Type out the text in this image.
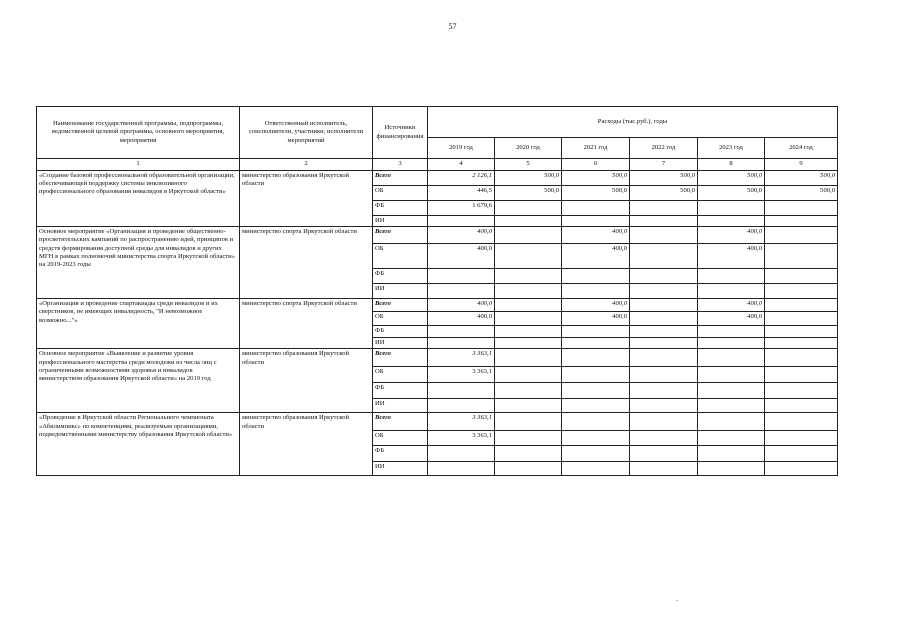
57
Наименование государственной программы, подпрограммы, ведомственной целевой программы, основного мероприятия, мероприятия	Ответственный исполнитель, соисполнители, участники, исполнители мероприятий	Источники финансирования	Расходы (тыс.руб.), годы					
			2019 год	2020 год	2021 год	2022 год	2023 год	2024 год
1	2	3	4	5	6	7	8	9
«Создание базовой профессиональной образовательной организации, обеспечивающей поддержку системы инклюзивного профессионального образования инвалидов в Иркутской области»	министерство образования Иркутской области	Всего	2 126,1	500,0	500,0	500,0	500,0	500,0
		ОБ	446,5	500,0	500,0	500,0	500,0	500,0
		ФБ	1 679,6					
		ИИ						
Основное мероприятие «Организация и проведение общественно-просветительских кампаний по распространению идей, принципов и средств формирования доступной среды для инвалидов и других МГН в рамках полномочий министерства спорта Иркутской области» на 2019-2023 годы	министерство спорта Иркутской области	Всего	400,0		400,0		400,0	
		ОБ	400,0		400,0		400,0	
		ФБ						
		ИИ						
«Организация и проведение спартакиады среди инвалидов и их сверстников, не имеющих инвалидность, "И невозможное возможно..."»	министерство спорта Иркутской области	Всего	400,0		400,0		400,0	
		ОБ	400,0		400,0		400,0	
		ФБ						
		ИИ						
Основное мероприятие «Выявление и развитие уровня профессионального мастерства среди молодежи из числа лиц с ограниченными возможностями здоровья и инвалидов министерством образования Иркутской области» на 2019 год	министерство образования Иркутской области	Всего	3 363,1					
		ОБ	3 363,1					
		ФБ						
		ИИ						
«Проведение в Иркутской области Регионального чемпионата «Абилимпикс» по компетенциям, реализуемым организациями, подведомственными министерству образования Иркутской области»	министерство образования Иркутской области	Всего	3 363,1					
		ОБ	3 363,1					
		ФБ						
		ИИ						
